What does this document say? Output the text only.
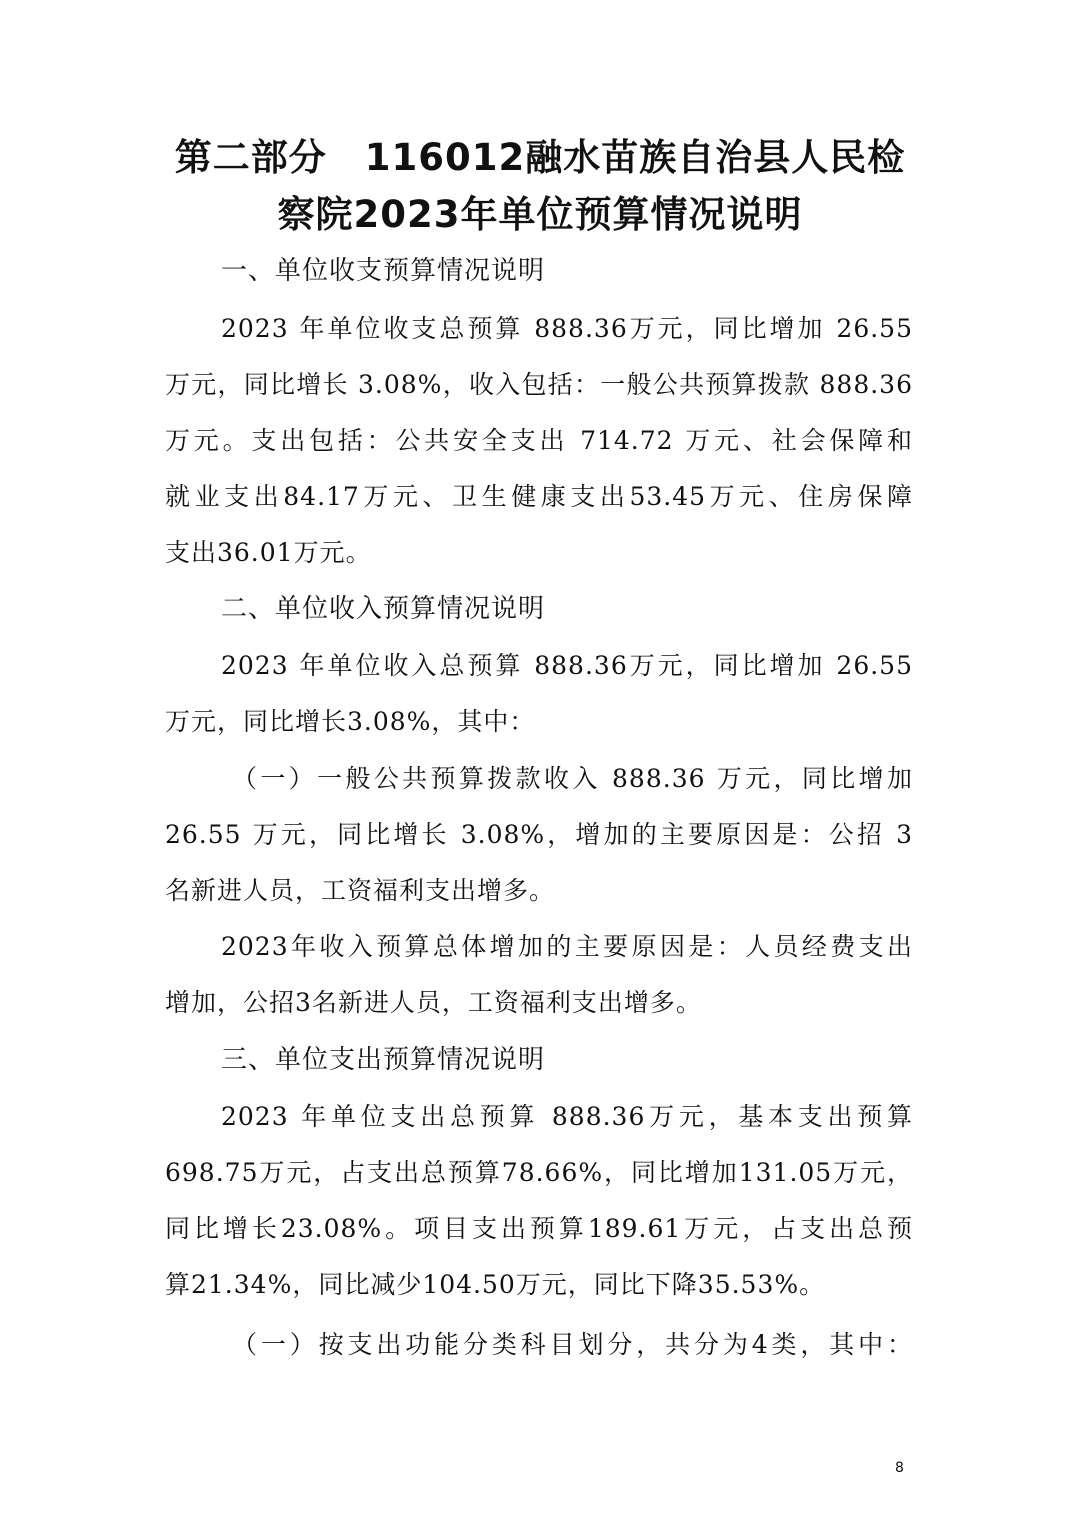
第二部分　116012融水苗族自治县人民检
察院2023年单位预算情况说明
一、单位收支预算情况说明
2023 年单位收支总预算 888.36万元，同比增加 26.55
万元，同比增长 3.08%，收入包括：一般公共预算拨款 888.36
万元。支出包括：公共安全支出 714.72 万元、社会保障和
就业支出84.17万元、卫生健康支出53.45万元、住房保障
支出36.01万元。
二、单位收入预算情况说明
2023 年单位收入总预算 888.36万元，同比增加 26.55
万元，同比增长3.08%，其中：
（一）一般公共预算拨款收入 888.36 万元，同比增加
26.55 万元，同比增长 3.08%，增加的主要原因是：公招 3
名新进人员，工资福利支出增多。
2023年收入预算总体增加的主要原因是：人员经费支出
增加，公招3名新进人员，工资福利支出增多。
三、单位支出预算情况说明
2023 年单位支出总预算 888.36万元，基本支出预算
698.75万元，占支出总预算78.66%，同比增加131.05万元，
同比增长23.08%。项目支出预算189.61万元，占支出总预
算21.34%，同比减少104.50万元，同比下降35.53%。
（一）按支出功能分类科目划分，共分为4类，其中：
8
